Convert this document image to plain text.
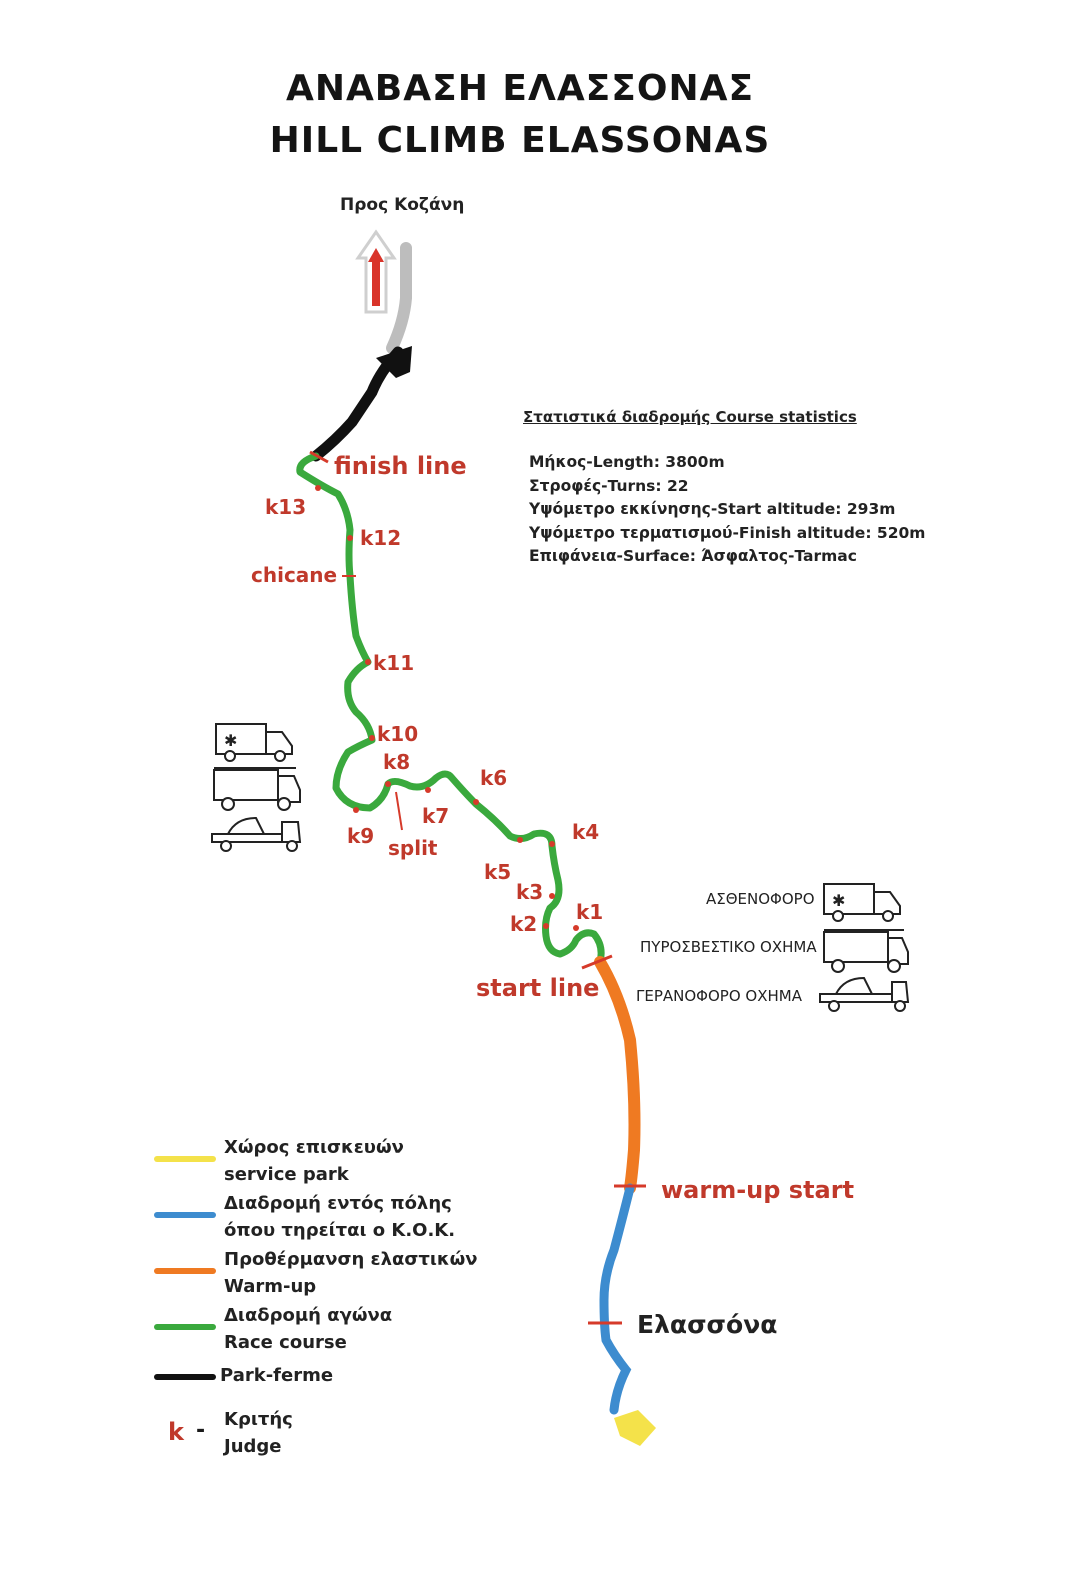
ΑΝΑΒΑΣΗ ΕΛΑΣΣΟΝΑΣ
HILL CLIMB ELASSONAS
✱
✱
Προς Κοζάνη
Στατιστικά διαδρομής Course statistics
Μήκος-Length: 3800m
Στροφές-Turns: 22
Υψόμετρο εκκίνησης-Start altitude: 293m
Υψόμετρο τερματισμού-Finish altitude: 520m
Επιφάνεια-Surface: Άσφαλτος-Tarmac
finish line
start line
warm-up start
chicane
split
Ελασσόνα
k1
k2
k3
k4
k5
k6
k7
k8
k9
k10
k11
k12
k13
ΑΣΘΕΝΟΦΟΡΟ
ΠΥΡΟΣΒΕΣΤΙΚΟ ΟΧΗΜΑ
ΓΕΡΑΝΟΦΟΡΟ ΟΧΗΜΑ
Χώρος επισκευών
service park
Διαδρομή εντός πόλης
όπου τηρείται ο Κ.Ο.Κ.
Προθέρμανση ελαστικών
Warm-up
Διαδρομή αγώνα
Race course
Park-ferme
k - Κριτής
Judge
